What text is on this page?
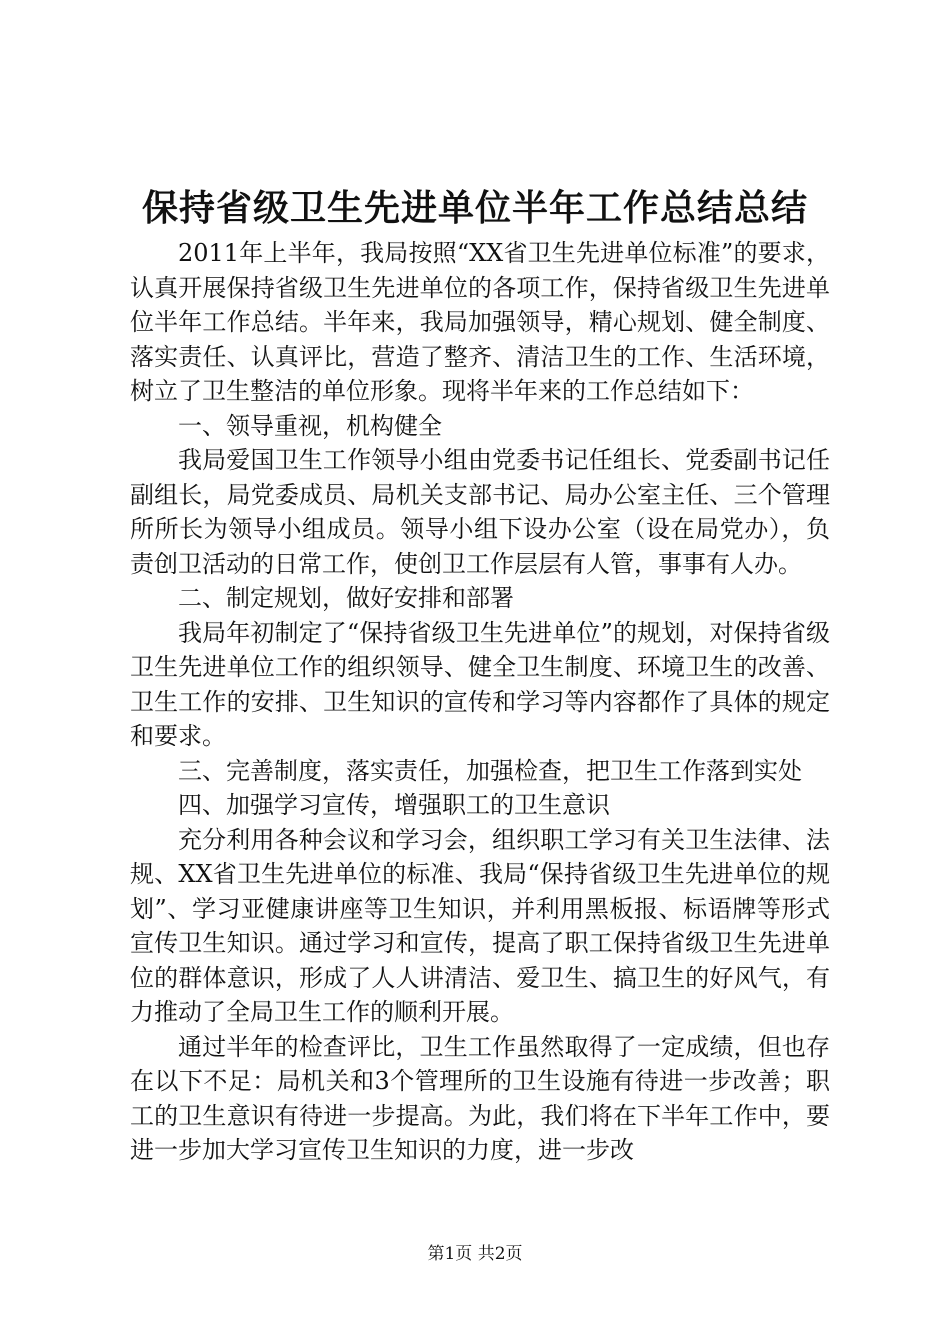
保持省级卫生先进单位半年工作总结总结

2011年上半年，我局按照“XX省卫生先进单位标准”的要求，认真开展保持省级卫生先进单位的各项工作，保持省级卫生先进单位半年工作总结。半年来，我局加强领导，精心规划、健全制度、落实责任、认真评比，营造了整齐、清洁卫生的工作、生活环境，树立了卫生整洁的单位形象。现将半年来的工作总结如下：

一、领导重视，机构健全

我局爱国卫生工作领导小组由党委书记任组长、党委副书记任副组长，局党委成员、局机关支部书记、局办公室主任、三个管理所所长为领导小组成员。领导小组下设办公室（设在局党办），负责创卫活动的日常工作，使创卫工作层层有人管，事事有人办。

二、制定规划，做好安排和部署

我局年初制定了“保持省级卫生先进单位”的规划，对保持省级卫生先进单位工作的组织领导、健全卫生制度、环境卫生的改善、卫生工作的安排、卫生知识的宣传和学习等内容都作了具体的规定和要求。

三、完善制度，落实责任，加强检查，把卫生工作落到实处

四、加强学习宣传，增强职工的卫生意识

充分利用各种会议和学习会，组织职工学习有关卫生法律、法规、XX省卫生先进单位的标准、我局“保持省级卫生先进单位的规划”、学习亚健康讲座等卫生知识，并利用黑板报、标语牌等形式宣传卫生知识。通过学习和宣传，提高了职工保持省级卫生先进单位的群体意识，形成了人人讲清洁、爱卫生、搞卫生的好风气，有力推动了全局卫生工作的顺利开展。

通过半年的检查评比，卫生工作虽然取得了一定成绩，但也存在以下不足：局机关和3个管理所的卫生设施有待进一步改善；职工的卫生意识有待进一步提高。为此，我们将在下半年工作中，要进一步加大学习宣传卫生知识的力度，进一步改

第1页 共2页
